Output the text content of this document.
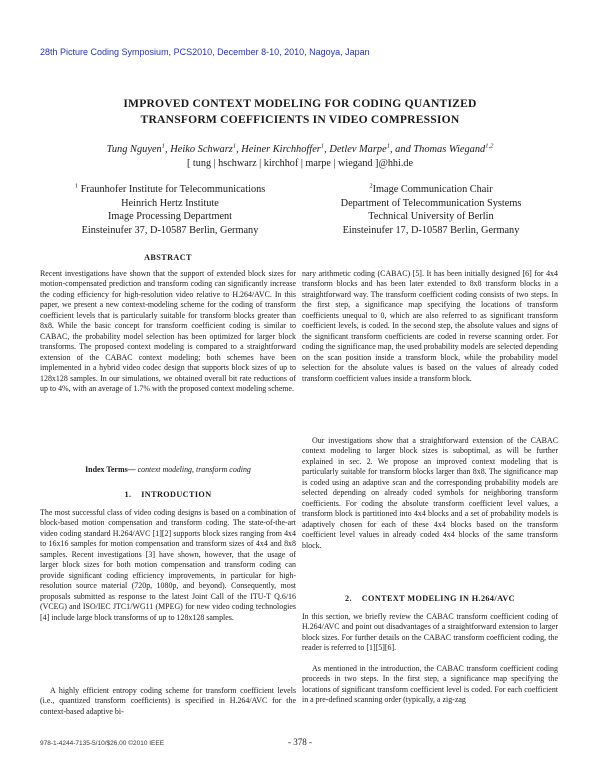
28th Picture Coding Symposium, PCS2010, December 8-10, 2010, Nagoya, Japan
IMPROVED CONTEXT MODELING FOR CODING QUANTIZED
TRANSFORM COEFFICIENTS IN VIDEO COMPRESSION
Tung Nguyen$^1$, Heiko Schwarz$^1$, Heiner Kirchhoffer$^1$, Detlev Marpe$^1$, and Thomas Wiegand$^{1,2}$
[ tung | hschwarz | kirchhof | marpe | wiegand ]@hhi.de
$^1$ Fraunhofer Institute for Telecommunications
Heinrich Hertz Institute
Image Processing Department
Einsteinufer 37, D-10587 Berlin, Germany
$^2$Image Communication Chair
Department of Telecommunication Systems
Technical University of Berlin
Einsteinufer 17, D-10587 Berlin, Germany
ABSTRACT
Recent investigations have shown that the support of extended block sizes for motion-compensated prediction and transform coding can significantly increase the coding efficiency for high-resolution video relative to H.264/AVC. In this paper, we present a new context-modeling scheme for the coding of transform coefficient levels that is particularly suitable for transform blocks greater than 8x8. While the basic concept for transform coefficient coding is similar to CABAC, the probability model selection has been optimized for larger block transforms. The proposed context modeling is compared to a straightforward extension of the CABAC context modeling; both schemes have been implemented in a hybrid video codec design that supports block sizes of up to 128x128 samples. In our simulations, we obtained overall bit rate reductions of up to 4%, with an average of 1.7% with the proposed context modeling scheme.
Index Terms— context modeling, transform coding
1.    INTRODUCTION
The most successful class of video coding designs is based on a combination of block-based motion compensation and transform coding. The state-of-the-art video coding standard H.264/AVC [1][2] supports block sizes ranging from 4x4 to 16x16 samples for motion compensation and transform sizes of 4x4 and 8x8 samples. Recent investigations [3] have shown, however, that the usage of larger block sizes for both motion compensation and transform coding can provide significant coding efficiency improvements, in particular for high-resolution source material (720p, 1080p, and beyond). Consequently, most proposals submitted as response to the latest Joint Call of the ITU-T Q.6/16 (VCEG) and ISO/IEC JTC1/WG11 (MPEG) for new video coding technologies [4] include large block transforms of up to 128x128 samples.
A highly efficient entropy coding scheme for transform coefficient levels (i.e., quantized transform coefficients) is specified in H.264/AVC for the context-based adaptive bi-
nary arithmetic coding (CABAC) [5]. It has been initially designed [6] for 4x4 transform blocks and has been later extended to 8x8 transform blocks in a straightforward way. The transform coefficient coding consists of two steps. In the first step, a significance map specifying the locations of transform coefficients unequal to 0, which are also referred to as significant transform coefficient levels, is coded. In the second step, the absolute values and signs of the significant transform coefficients are coded in reverse scanning order. For coding the significance map, the used probability models are selected depending on the scan position inside a transform block, while the probability model selection for the absolute values is based on the values of already coded transform coefficient values inside a transform block.
Our investigations show that a straightforward extension of the CABAC context modeling to larger block sizes is suboptimal, as will be further explained in sec. 2. We propose an improved context modeling that is particularly suitable for transform blocks larger than 8x8. The significance map is coded using an adaptive scan and the corresponding probability models are selected depending on already coded symbols for neighboring transform coefficients. For coding the absolute transform coefficient level values, a transform block is partitioned into 4x4 blocks and a set of probability models is adaptively chosen for each of these 4x4 blocks based on the transform coefficient level values in already coded 4x4 blocks of the same transform block.
2.    CONTEXT MODELING IN H.264/AVC
In this section, we briefly review the CABAC transform coefficient coding of H.264/AVC and point out disadvantages of a straightforward extension to larger block sizes. For further details on the CABAC transform coefficient coding, the reader is referred to [1][5][6].
As mentioned in the introduction, the CABAC transform coefficient coding proceeds in two steps. In the first step, a significance map specifying the locations of significant transform coefficient level is coded. For each coefficient in a pre-defined scanning order (typically, a zig-zag
978-1-4244-7135-5/10/$26.00 ©2010 IEEE	- 378 -
